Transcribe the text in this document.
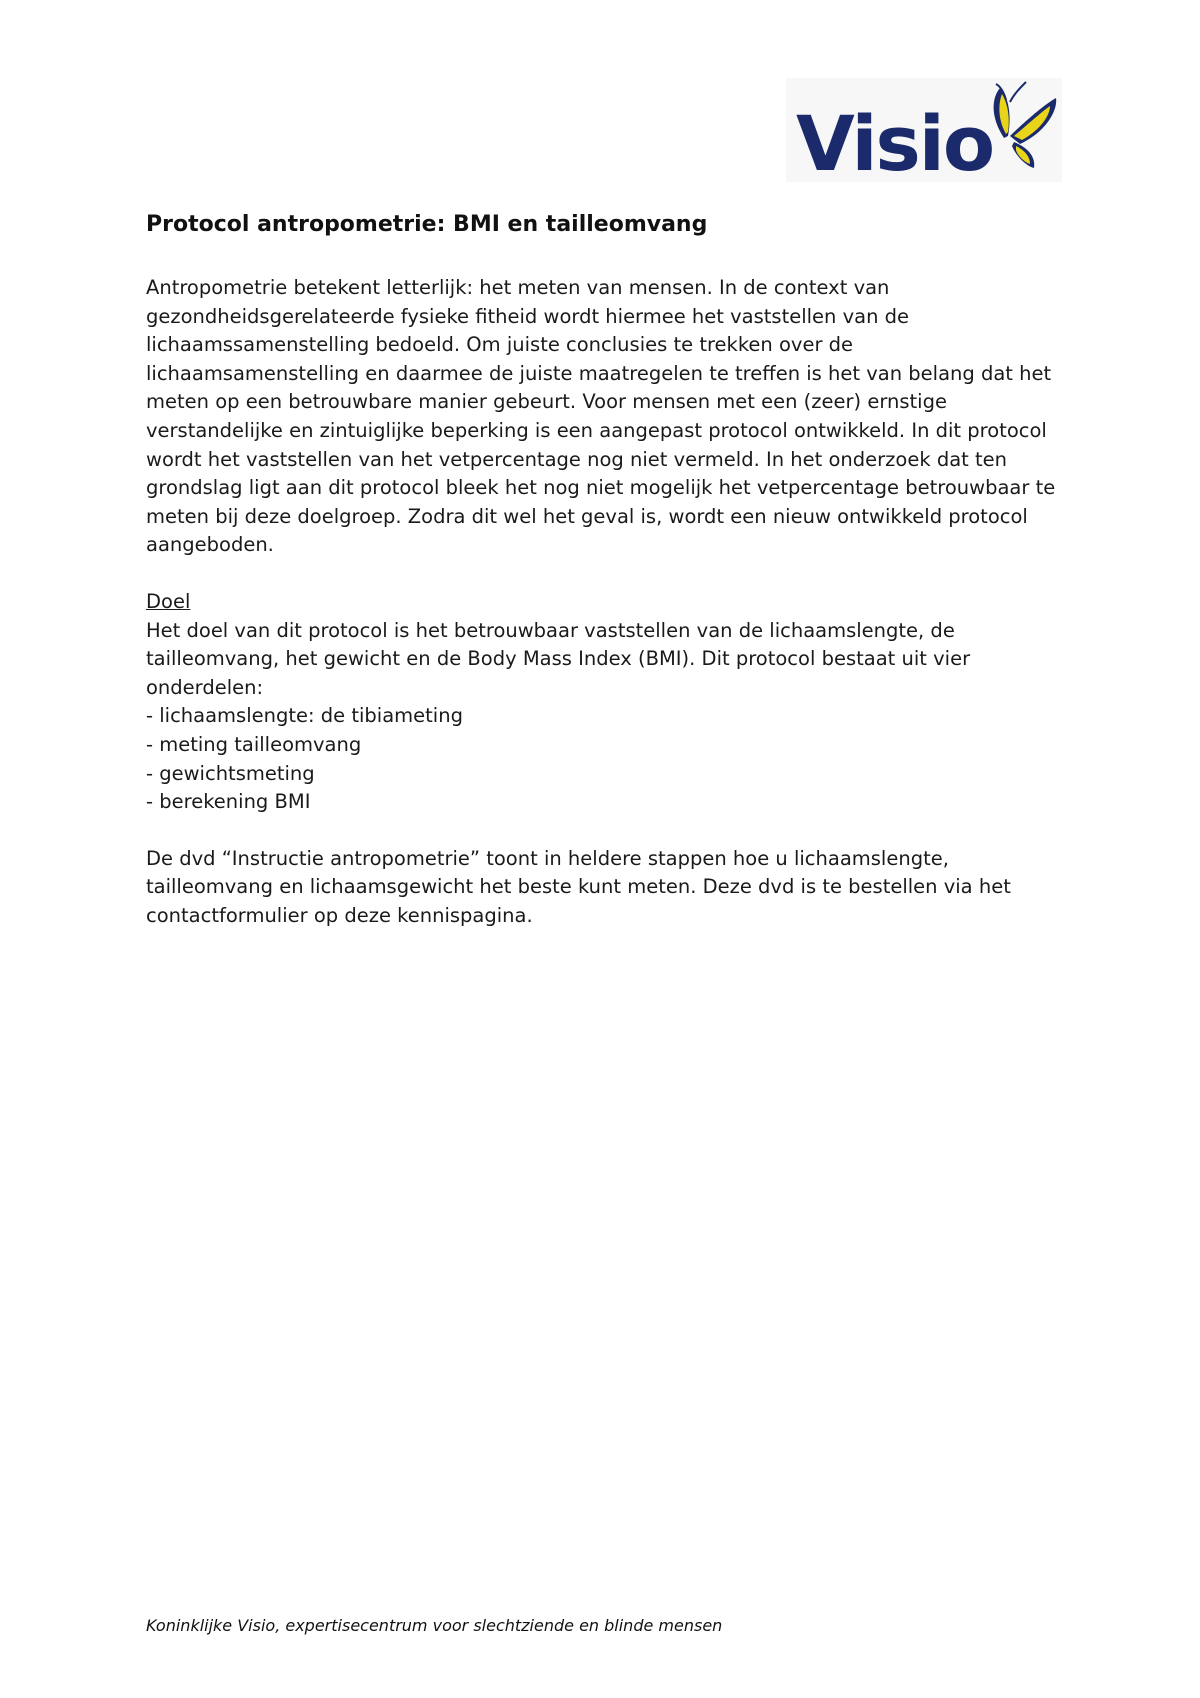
Visio
Protocol antropometrie: BMI en tailleomvang

Antropometrie betekent letterlijk: het meten van mensen. In de context van gezondheidsgerelateerde fysieke fitheid wordt hiermee het vaststellen van de lichaamssamenstelling bedoeld. Om juiste conclusies te trekken over de lichaamsamenstelling en daarmee de juiste maatregelen te treffen is het van belang dat het meten op een betrouwbare manier gebeurt. Voor mensen met een (zeer) ernstige verstandelijke en zintuiglijke beperking is een aangepast protocol ontwikkeld. In dit protocol wordt het vaststellen van het vetpercentage nog niet vermeld. In het onderzoek dat ten grondslag ligt aan dit protocol bleek het nog niet mogelijk het vetpercentage betrouwbaar te meten bij deze doelgroep. Zodra dit wel het geval is, wordt een nieuw ontwikkeld protocol aangeboden.

Doel

Het doel van dit protocol is het betrouwbaar vaststellen van de lichaamslengte, de tailleomvang, het gewicht en de Body Mass Index (BMI). Dit protocol bestaat uit vier onderdelen:

- lichaamslengte: de tibiameting
- meting tailleomvang
- gewichtsmeting
- berekening BMI

De dvd “Instructie antropometrie” toont in heldere stappen hoe u lichaamslengte, tailleomvang en lichaamsgewicht het beste kunt meten. Deze dvd is te bestellen via het contactformulier op deze kennispagina.

Koninklijke Visio, expertisecentrum voor slechtziende en blinde mensen
